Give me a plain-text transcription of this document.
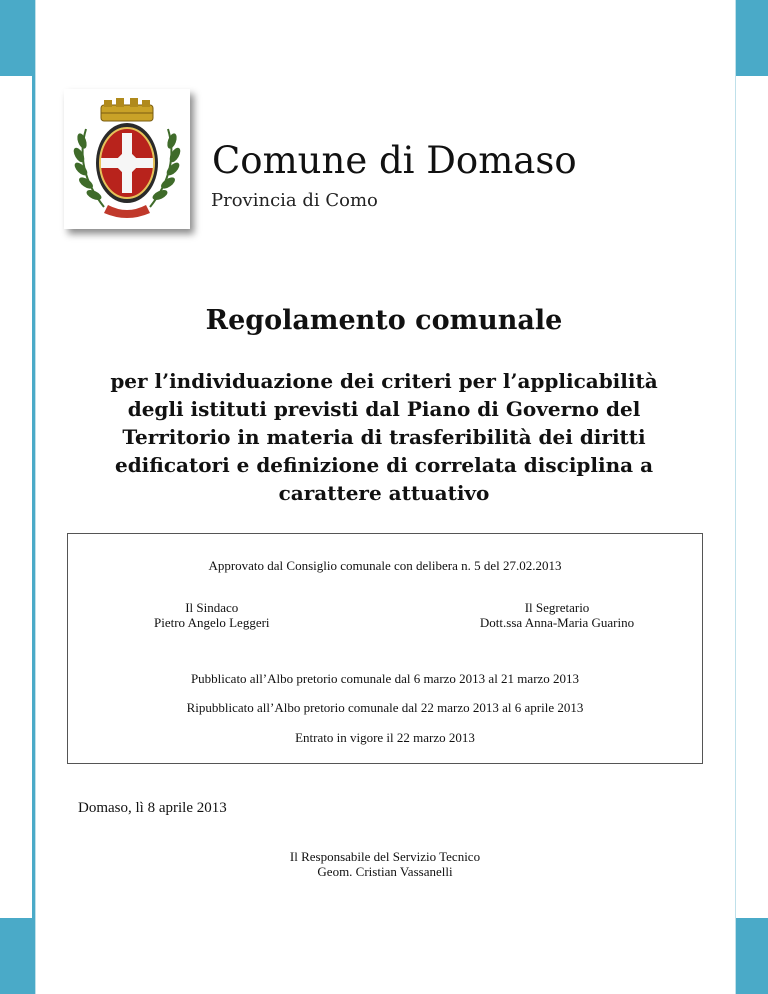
Comune di Domaso
Provincia di Como
Regolamento comunale
per l’individuazione dei criteri per l’applicabilità
degli istituti previsti dal Piano di Governo del
Territorio in materia di trasferibilità dei diritti
edificatori e definizione di correlata disciplina a
carattere attuativo
Approvato dal Consiglio comunale con delibera n. 5 del 27.02.2013
Il Sindaco
Pietro Angelo Leggeri
Il Segretario
Dott.ssa Anna-Maria Guarino
Pubblicato all’Albo pretorio comunale dal 6 marzo 2013 al 21 marzo 2013
Ripubblicato all’Albo pretorio comunale dal 22 marzo 2013 al 6 aprile 2013
Entrato in vigore il 22 marzo 2013
Domaso, lì 8 aprile 2013
Il Responsabile del Servizio Tecnico
Geom. Cristian Vassanelli
